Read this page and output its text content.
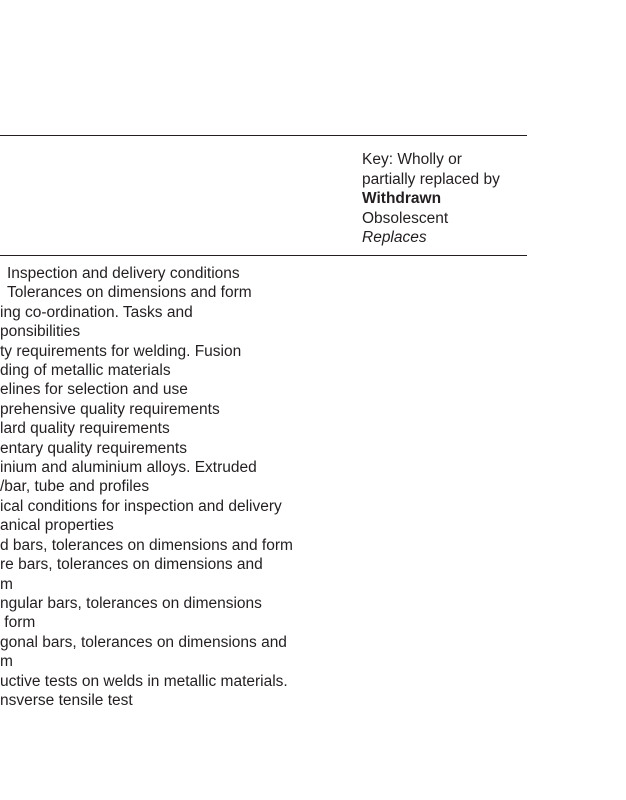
Key: Wholly or
partially replaced by
Withdrawn
Obsolescent
Replaces
Inspection and delivery conditions
Tolerances on dimensions and form
ing co-ordination. Tasks and
ponsibilities
ty requirements for welding. Fusion
ding of metallic materials
elines for selection and use
prehensive quality requirements
lard quality requirements
entary quality requirements
inium and aluminium alloys. Extruded
/bar, tube and profiles
ical conditions for inspection and delivery
anical properties
d bars, tolerances on dimensions and form
re bars, tolerances on dimensions and
m
ngular bars, tolerances on dimensions
form
gonal bars, tolerances on dimensions and
m
uctive tests on welds in metallic materials.
nsverse tensile test
